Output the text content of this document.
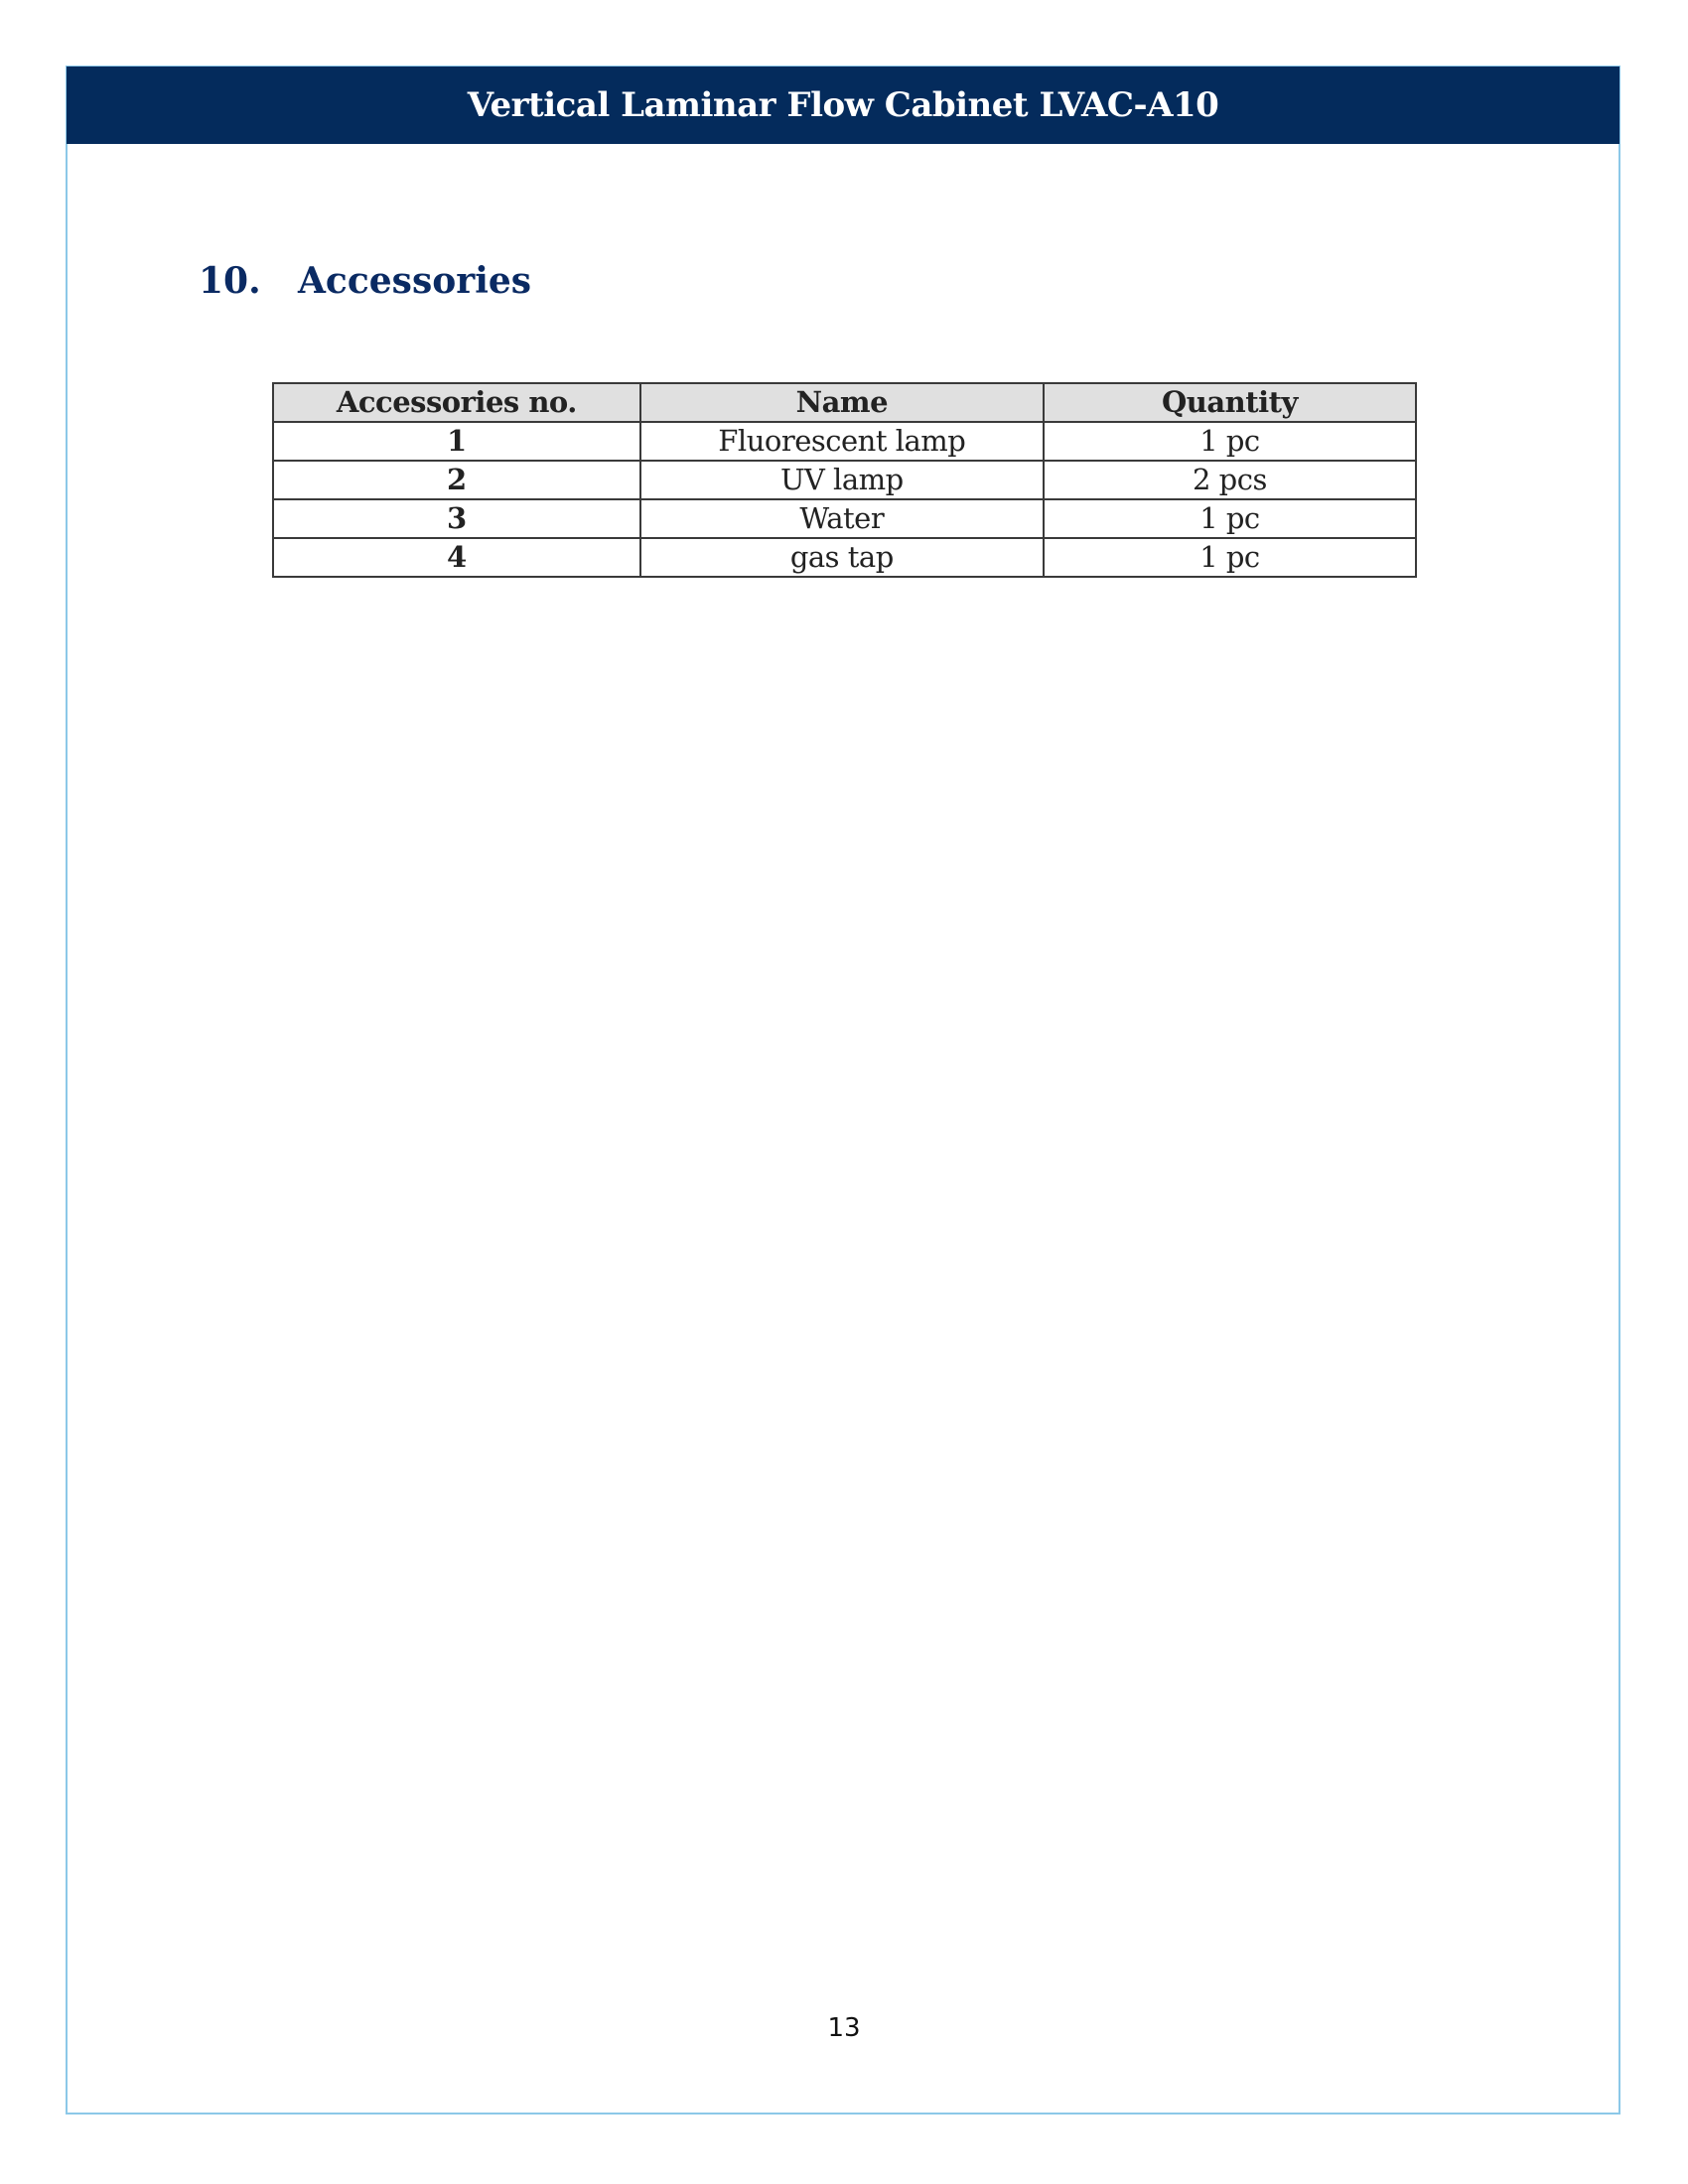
Vertical Laminar Flow Cabinet LVAC-A10
10.	Accessories
Accessories no.	Name	Quantity
1	Fluorescent lamp	1 pc
2	UV lamp	2 pcs
3	Water	1 pc
4	gas tap	1 pc
13
